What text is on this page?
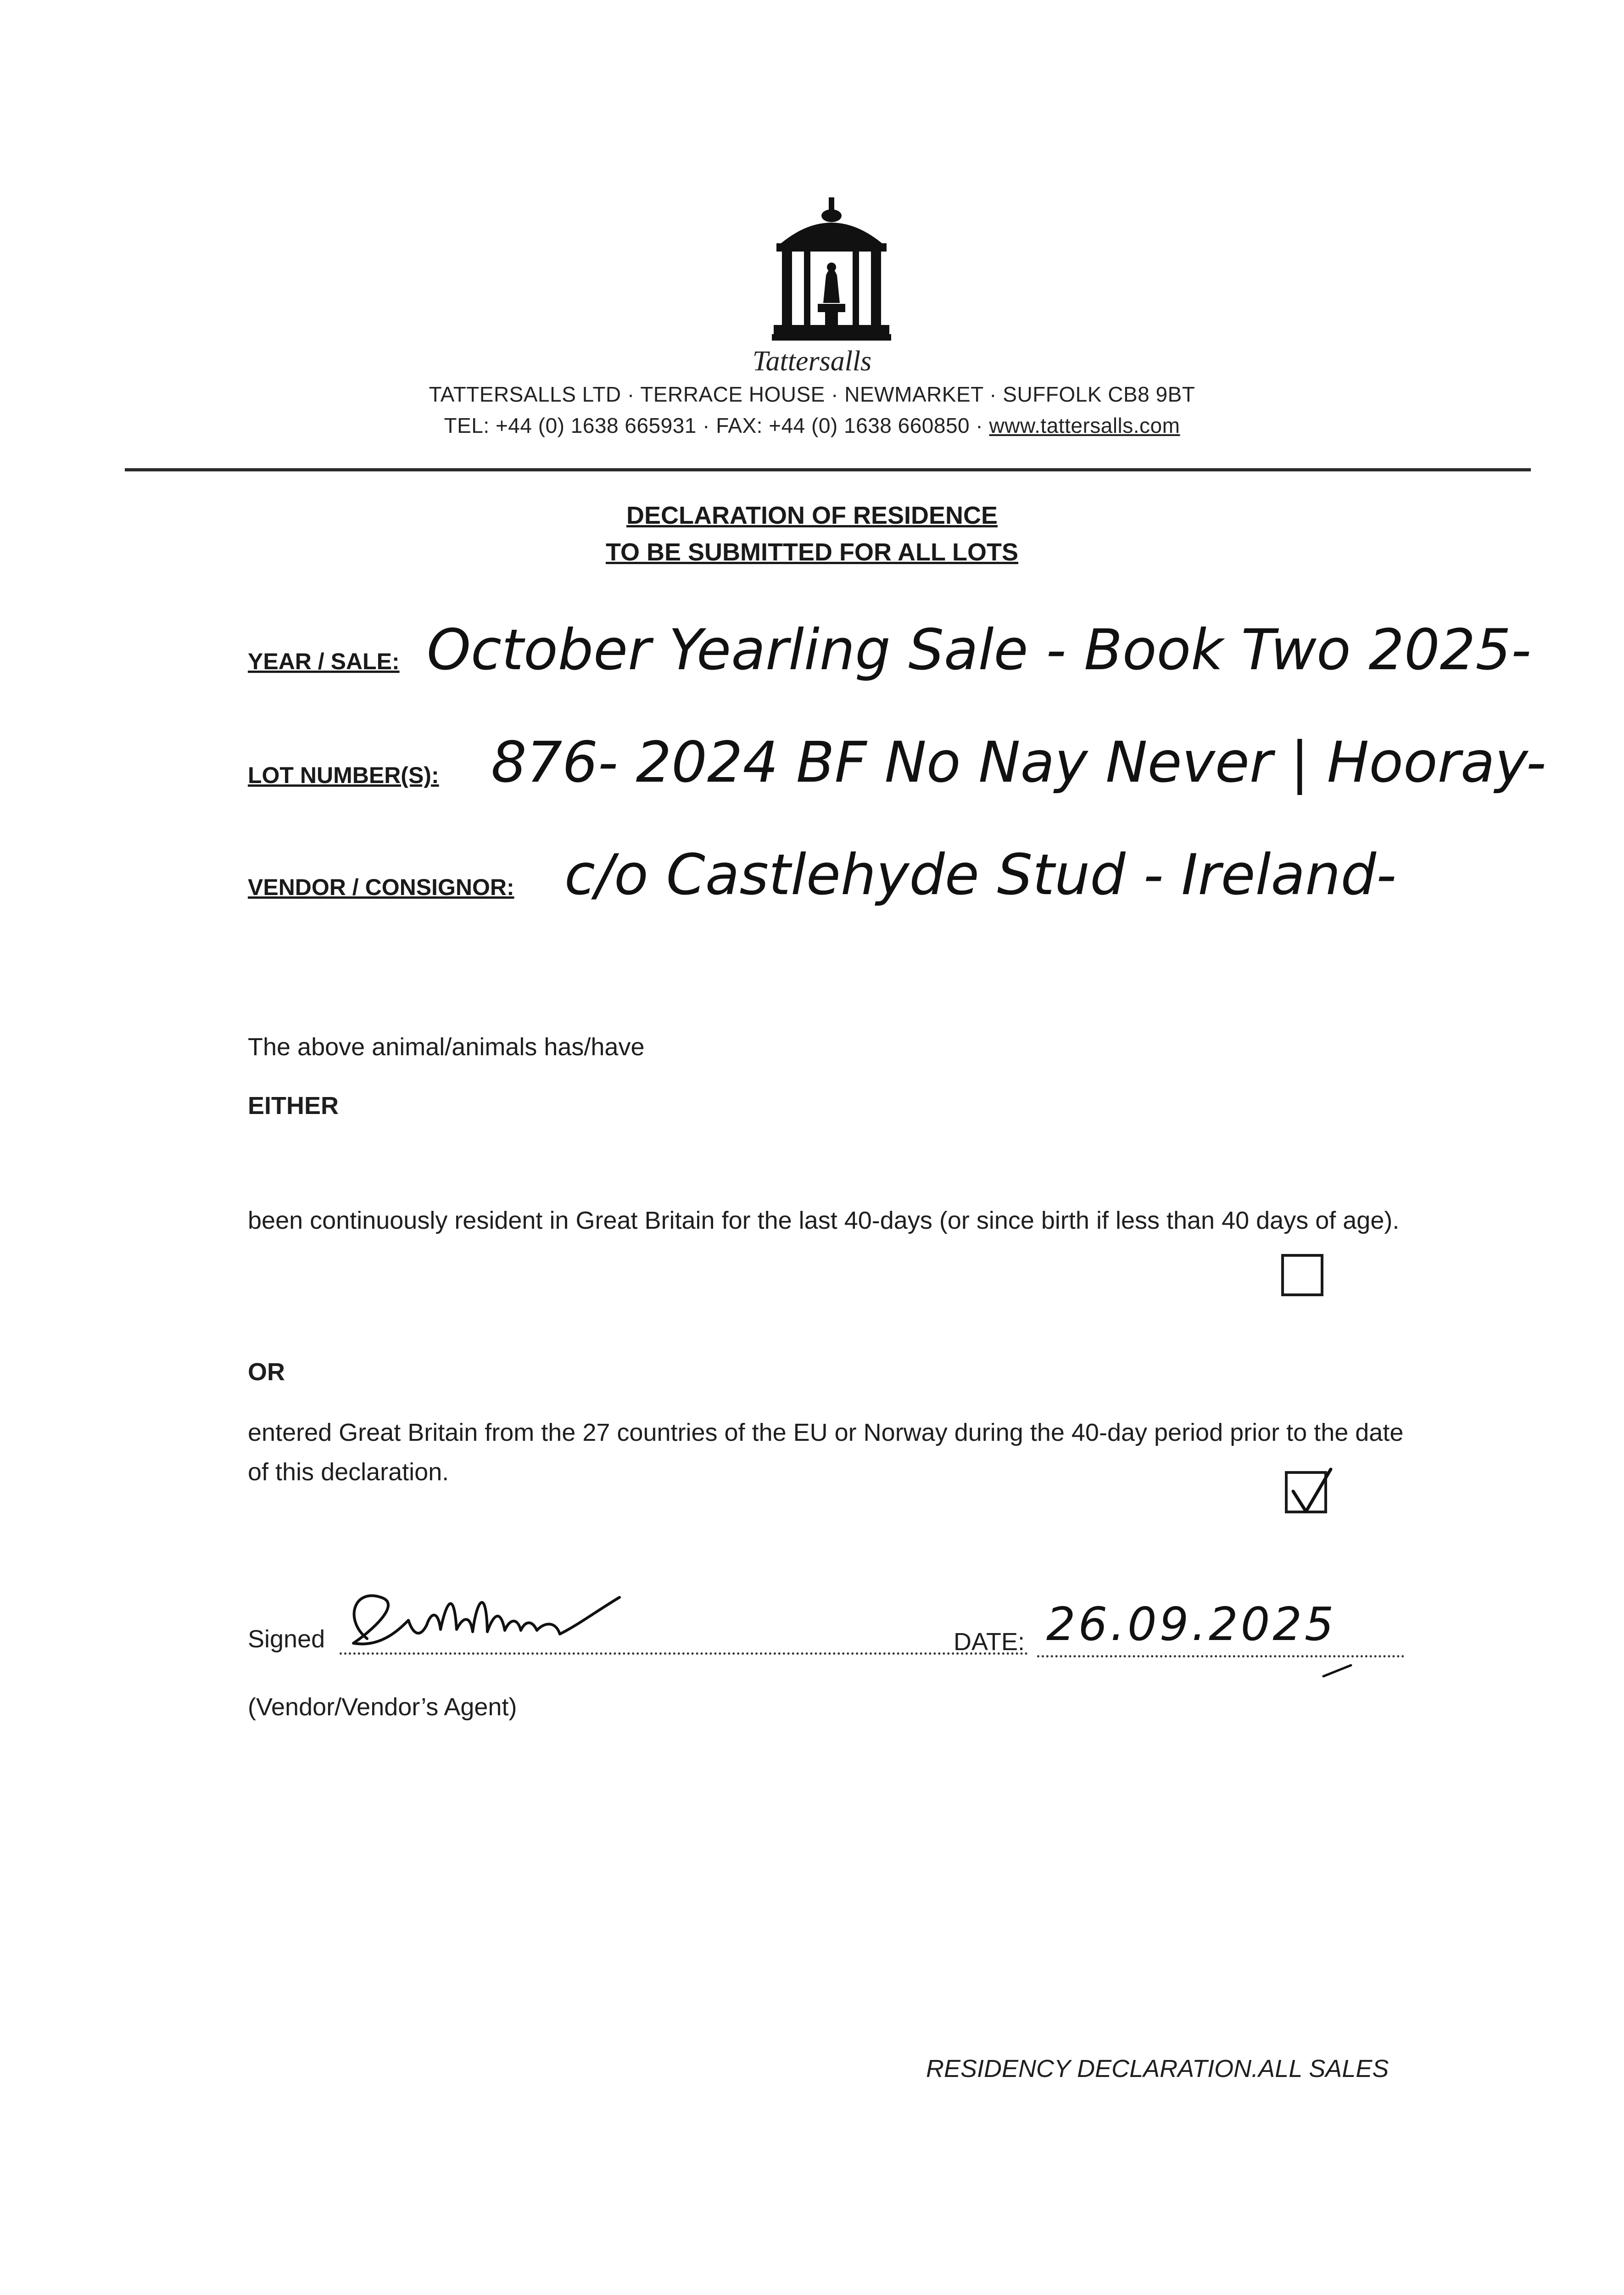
Tattersalls
TATTERSALLS LTD · TERRACE HOUSE · NEWMARKET · SUFFOLK CB8 9BT
TEL: +44 (0) 1638 665931 · FAX: +44 (0) 1638 660850 · www.tattersalls.com
DECLARATION OF RESIDENCE
TO BE SUBMITTED FOR ALL LOTS
YEAR / SALE: October Yearling Sale - Book Two 2025-
LOT NUMBER(S): 876- 2024 BF No Nay Never | Hooray-
VENDOR / CONSIGNOR: c/o Castlehyde Stud - Ireland-
The above animal/animals has/have
EITHER
been continuously resident in Great Britain for the last 40-days (or since birth if less than 40 days of age).
OR
entered Great Britain from the 27 countries of the EU or Norway during the 40-day period prior to the date of this declaration.
Signed
(Vendor/Vendor’s Agent)
DATE: 26.09.2025
RESIDENCY DECLARATION.ALL SALES
